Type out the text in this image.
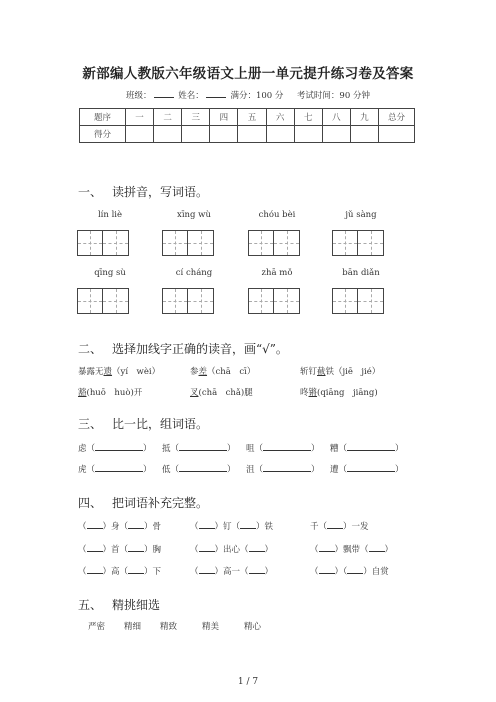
新部编人教版六年级语文上册一单元提升练习卷及答案
班级：	姓名：	满分：100 分 考试时间：90 分钟
题序	一	二	三	四	五	六	七	八	九	总分
得分										
一、 读拼音，写词语。
lín liè	xīng wù	chóu bèi	jǔ sàng
qīng sù	cí cháng	zhā mǒ	bān diǎn
二、 选择加线字正确的读音，画“√”。
暴露无遗（yí　wèi）	参差（chā　cī）	斩钉截铁（jiē　jié）
豁(huō　huò)开	叉(chā　chǎ)腿	咚锵(qiāng　jiāng)
三、 比一比，组词语。
虑（	） 抵（	） 咀（	） 糟（	）
虎（	） 低（	） 沮（	） 遭（	）
四、 把词语补充完整。
（ ）身（ ）骨	（ ）钉（ ）铁	千（ ）一发
（ ）首（ ）胸	（ ）出心（ ）	（ ）飘带（ ）
（ ）高（ ）下	（ ）高一（ ）	（ ）（ ）自赏
五、 精挑细选
严密 精细 精致	精美	精心
1 / 7
